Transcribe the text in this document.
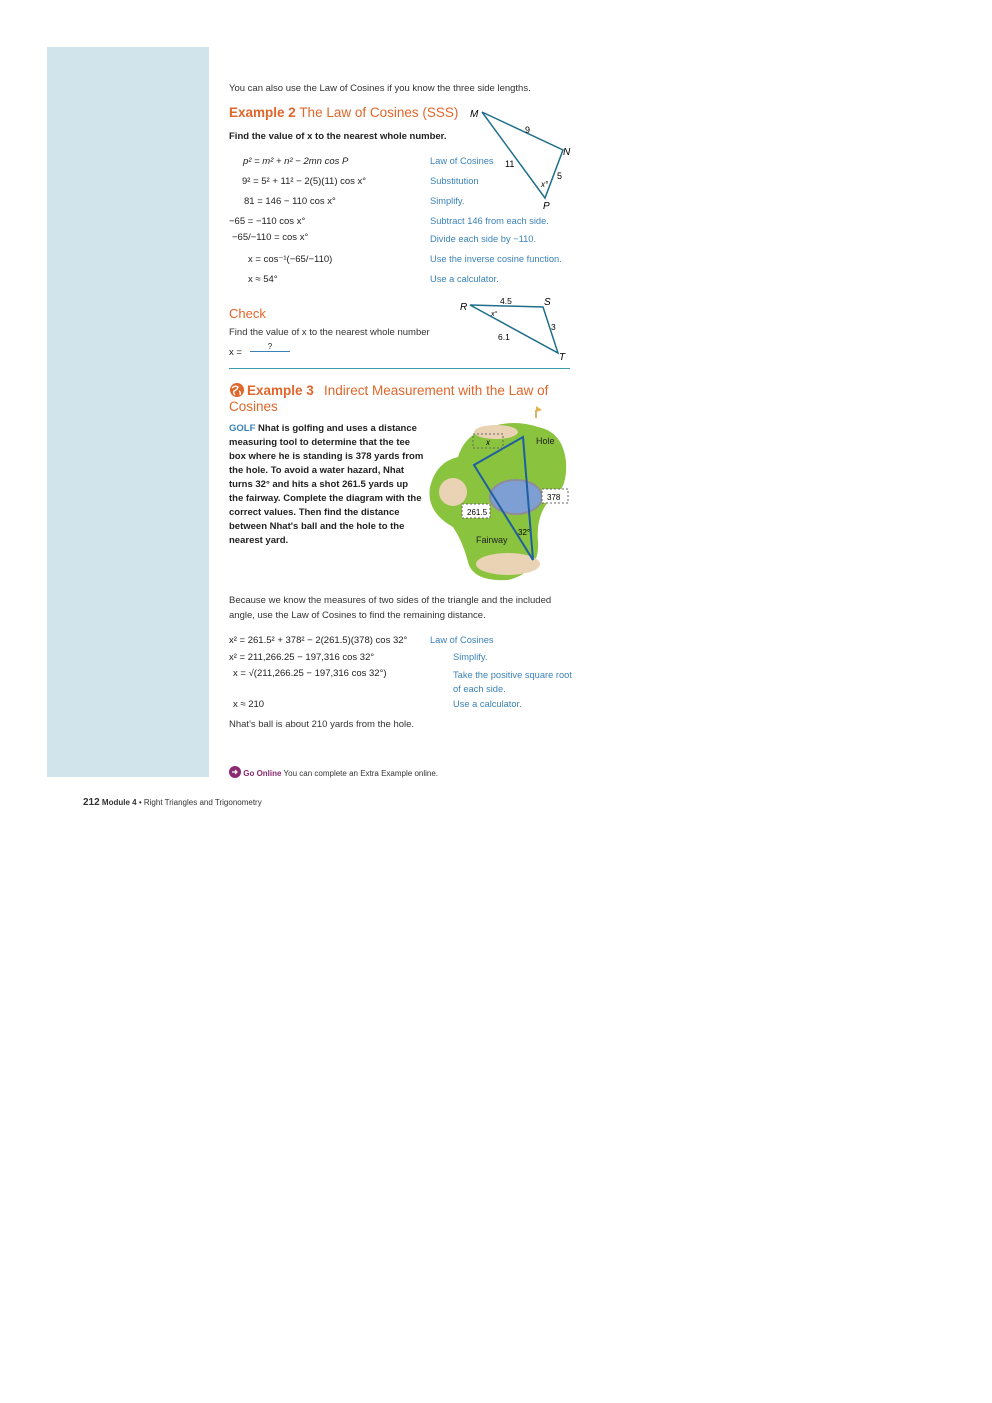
You can also use the Law of Cosines if you know the three side lengths.
Example 2 The Law of Cosines (SSS)
Find the value of x to the nearest whole number.
p² = m² + n² − 2mn cos P	Law of Cosines
9² = 5² + 11² − 2(5)(11) cos x°	Substitution
81 = 146 − 110 cos x°	Simplify.
−65 = −110 cos x°	Subtract 146 from each side.
−65/−110 = cos x°	Divide each side by −110.
x = cos⁻¹(−65/−110)	Use the inverse cosine function.
x ≈ 54°	Use a calculator.
M
N
P
9
5
11
x°
Check
Find the value of x to the nearest whole number
x =
?
R	S
T
4.5
3
6.1
x°
Example 3 Indirect Measurement with the Law of Cosines
GOLF Nhat is golfing and uses a distance measuring tool to determine that the tee box where he is standing is 378 yards from the hole. To avoid a water hazard, Nhat turns 32° and hits a shot 261.5 yards up the fairway. Complete the diagram with the correct values. Then find the distance between Nhat's ball and the hole to the nearest yard.
x	Hole
378
261.5
32°
Fairway
Because we know the measures of two sides of the triangle and the included angle, use the Law of Cosines to find the remaining distance.
x² = 261.5² + 378² − 2(261.5)(378) cos 32° Law of Cosines
x² = 211,266.25 − 197,316 cos 32°	Simplify.
x = √(211,266.25 − 197,316 cos 32°)	Take the positive square root of each side.
x ≈ 210	Use a calculator.
Nhat's ball is about 210 yards from the hole.
Go Online You can complete an Extra Example online.
212 Module 4 • Right Triangles and Trigonometry
